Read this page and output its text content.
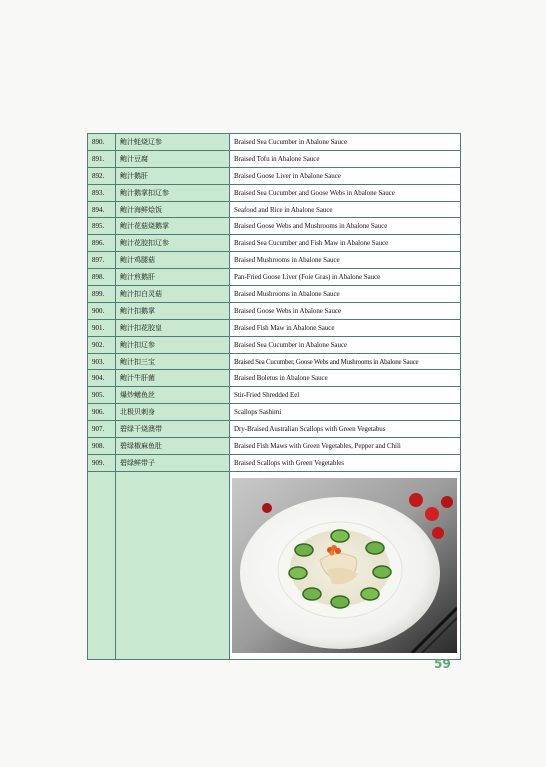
890.	鲍汁蚝烧辽参	Braised Sea Cucumber in Abalone Sauce
891.	鲍汁豆腐	Braised Tofu in Abalone Sauce
892.	鲍汁鹅肝	Braised Goose Liver in Abalone Sauce
893.	鲍汁鹅掌扣辽参	Braised Sea Cucumber and Goose Webs in Abalone Sauce
894.	鲍汁海鲜烩饭	Seafood and Rice in Abalone Sauce
895.	鲍汁花菇烧鹅掌	Braised Goose Webs and Mushrooms in Abalone Sauce
896.	鲍汁花胶扣辽参	Braised Sea Cucumber and Fish Maw in Abalone Sauce
897.	鲍汁鸡腿菇	Braised Mushrooms in Abalone Sauce
898.	鲍汁煎鹅肝	Pan-Fried Goose Liver (Foie Gras) in Abalone Sauce
899.	鲍汁扣白灵菇	Braised Mushrooms in Abalone Sauce
900.	鲍汁扣鹅掌	Braised Goose Webs in Abalone Sauce
901.	鲍汁扣花胶皇	Braised Fish Maw in Abalone Sauce
902.	鲍汁扣辽参	Braised Sea Cucumber in Abalone Sauce
903.	鲍汁扣三宝	Braised Sea Cucumber, Goose Webs and Mushrooms in Abalone Sauce
904.	鲍汁牛肝菌	Braised Boletus in Abalone Sauce
905.	爆炒鳝鱼丝	Stir-Fried Shredded Eel
906.	北极贝刺身	Scallops Sashimi
907.	碧绿干烧澳带	Dry-Braised Australian Scallops with Green Vegetabus
908.	碧绿椒麻鱼肚	Braised Fish Maws with Green Vegetables, Pepper and Chili
909.	碧绿鲜带子	Braised Scallops with Green Vegetables

59
